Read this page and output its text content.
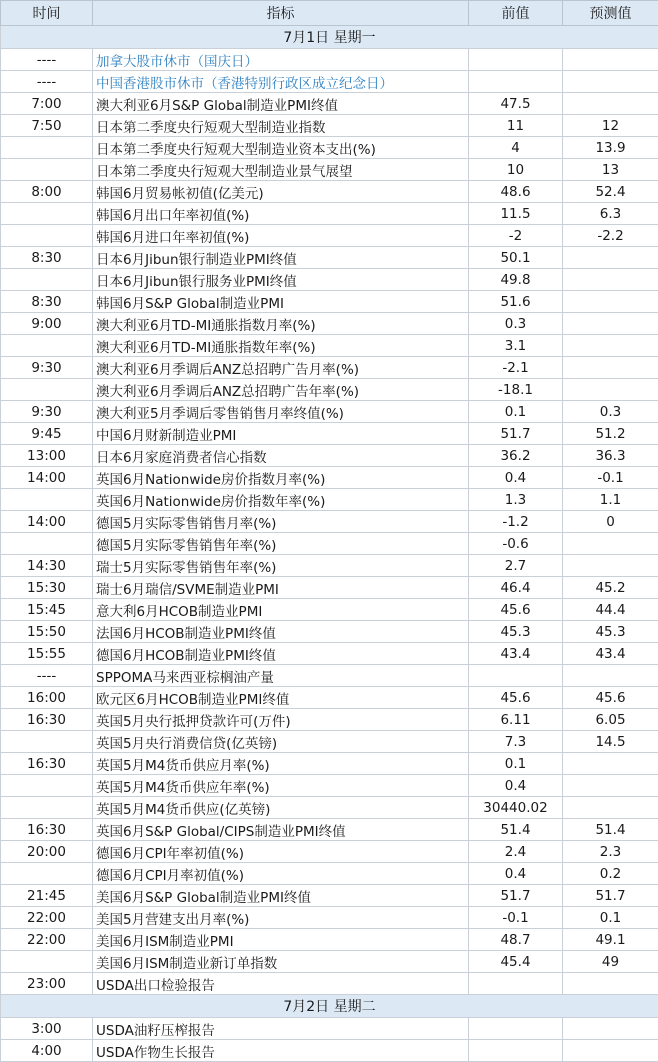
时间	指标	前值	预测值
7月1日 星期一			
----	加拿大股市休市（国庆日）		
----	中国香港股市休市（香港特别行政区成立纪念日）		
7:00	澳大利亚6月S&P Global制造业PMI终值	47.5	
7:50	日本第二季度央行短观大型制造业指数	11	12
	日本第二季度央行短观大型制造业资本支出(%)	4	13.9
	日本第二季度央行短观大型制造业景气展望	10	13
8:00	韩国6月贸易帐初值(亿美元)	48.6	52.4
	韩国6月出口年率初值(%)	11.5	6.3
	韩国6月进口年率初值(%)	-2	-2.2
8:30	日本6月Jibun银行制造业PMI终值	50.1	
	日本6月Jibun银行服务业PMI终值	49.8	
8:30	韩国6月S&P Global制造业PMI	51.6	
9:00	澳大利亚6月TD-MI通胀指数月率(%)	0.3	
	澳大利亚6月TD-MI通胀指数年率(%)	3.1	
9:30	澳大利亚6月季调后ANZ总招聘广告月率(%)	-2.1	
	澳大利亚6月季调后ANZ总招聘广告年率(%)	-18.1	
9:30	澳大利亚5月季调后零售销售月率终值(%)	0.1	0.3
9:45	中国6月财新制造业PMI	51.7	51.2
13:00	日本6月家庭消费者信心指数	36.2	36.3
14:00	英国6月Nationwide房价指数月率(%)	0.4	-0.1
	英国6月Nationwide房价指数年率(%)	1.3	1.1
14:00	德国5月实际零售销售月率(%)	-1.2	0
	德国5月实际零售销售年率(%)	-0.6	
14:30	瑞士5月实际零售销售年率(%)	2.7	
15:30	瑞士6月瑞信/SVME制造业PMI	46.4	45.2
15:45	意大利6月HCOB制造业PMI	45.6	44.4
15:50	法国6月HCOB制造业PMI终值	45.3	45.3
15:55	德国6月HCOB制造业PMI终值	43.4	43.4
----	SPPOMA马来西亚棕榈油产量		
16:00	欧元区6月HCOB制造业PMI终值	45.6	45.6
16:30	英国5月央行抵押贷款许可(万件)	6.11	6.05
	英国5月央行消费信贷(亿英镑)	7.3	14.5
16:30	英国5月M4货币供应月率(%)	0.1	
	英国5月M4货币供应年率(%)	0.4	
	英国5月M4货币供应(亿英镑)	30440.02	
16:30	英国6月S&P Global/CIPS制造业PMI终值	51.4	51.4
20:00	德国6月CPI年率初值(%)	2.4	2.3
	德国6月CPI月率初值(%)	0.4	0.2
21:45	美国6月S&P Global制造业PMI终值	51.7	51.7
22:00	美国5月营建支出月率(%)	-0.1	0.1
22:00	美国6月ISM制造业PMI	48.7	49.1
	美国6月ISM制造业新订单指数	45.4	49
23:00	USDA出口检验报告		
7月2日 星期二			
3:00	USDA油籽压榨报告		
4:00	USDA作物生长报告		
